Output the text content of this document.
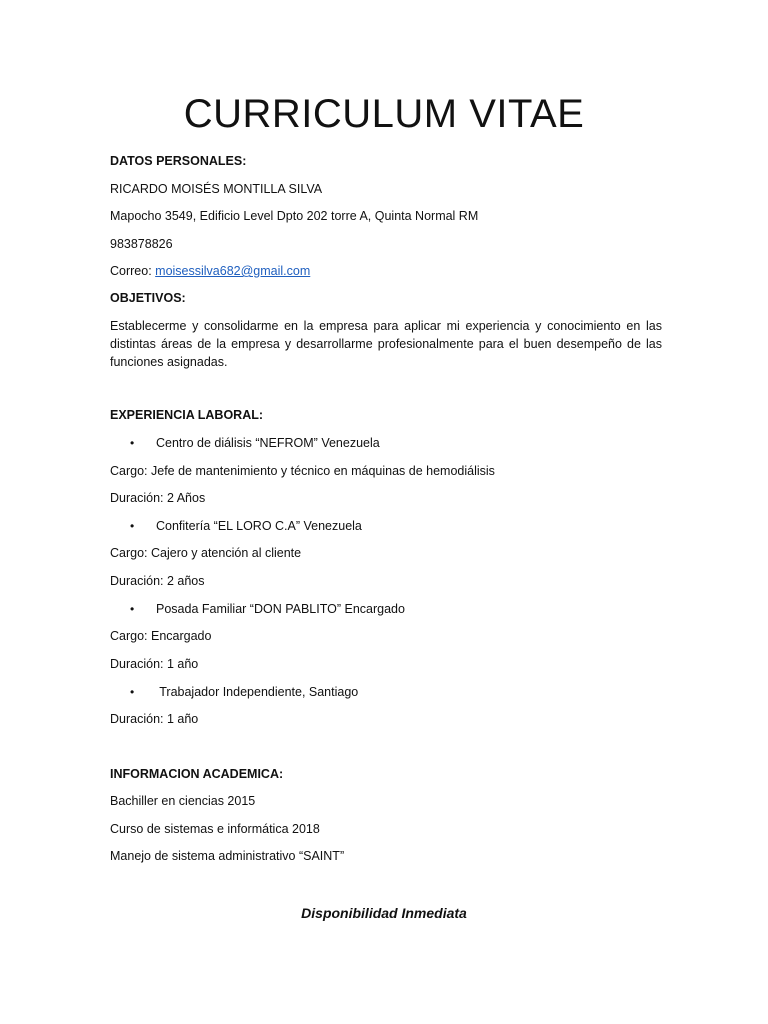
CURRICULUM VITAE

DATOS PERSONALES:

RICARDO MOISÉS MONTILLA SILVA

Mapocho 3549, Edificio Level Dpto 202 torre A, Quinta Normal RM

983878826

Correo: moisessilva682@gmail.com

OBJETIVOS:

Establecerme y consolidarme en la empresa para aplicar mi experiencia y conocimiento en las distintas áreas de la empresa y desarrollarme profesionalmente para el buen desempeño de las funciones asignadas.

EXPERIENCIA LABORAL:

• Centro de diálisis “NEFROM” Venezuela

Cargo: Jefe de mantenimiento y técnico en máquinas de hemodiálisis

Duración: 2 Años

• Confitería “EL LORO C.A” Venezuela

Cargo: Cajero y atención al cliente

Duración: 2 años

• Posada Familiar “DON PABLITO” Encargado

Cargo: Encargado

Duración: 1 año

• Trabajador Independiente, Santiago

Duración: 1 año

INFORMACION ACADEMICA:

Bachiller en ciencias 2015

Curso de sistemas e informática 2018

Manejo de sistema administrativo “SAINT”

Disponibilidad Inmediata
